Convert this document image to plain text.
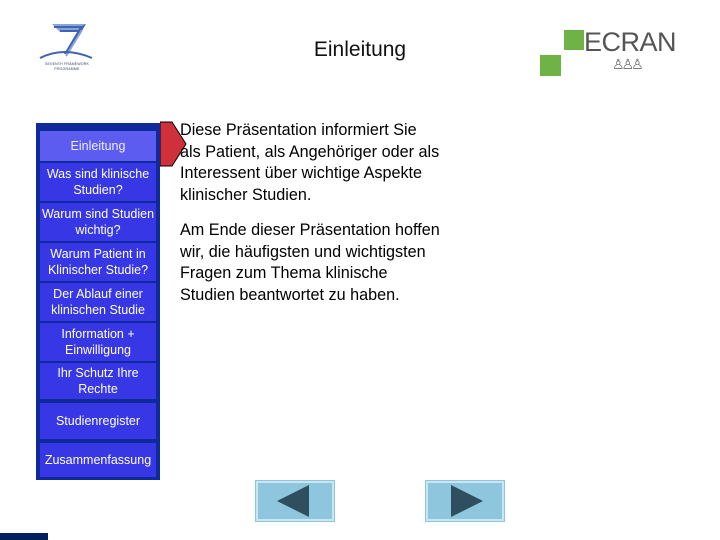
SEVENTH FRAMEWORK PROGRAMME
Einleitung	ECRAN
♙♙♙
Einleitung
Was sind klinische Studien?
Warum sind Studien wichtig?
Warum Patient in Klinischer Studie?
Der Ablauf einer klinischen Studie
Information + Einwilligung
Ihr Schutz Ihre Rechte
Studienregister
Zusammenfassung

Diese Präsentation informiert Sie als Patient, als Angehöriger oder als Interessent über wichtige Aspekte klinischer Studien.

Am Ende dieser Präsentation hoffen wir, die häufigsten und wichtigsten Fragen zum Thema klinische Studien beantwortet zu haben.
